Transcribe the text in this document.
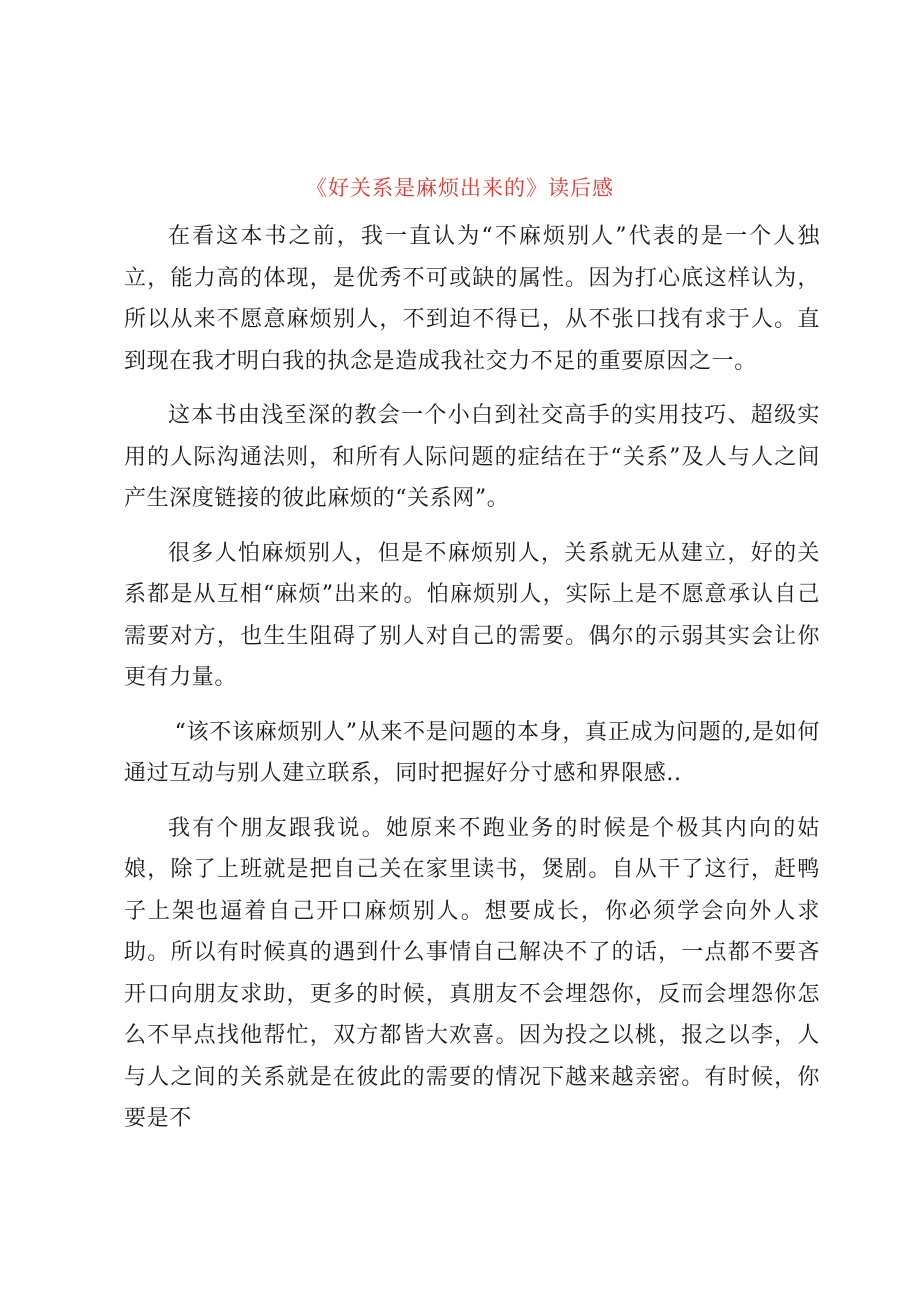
《好关系是麻烦出来的》读后感

在看这本书之前，我一直认为“不麻烦别人”代表的是一个人独立，能力高的体现，是优秀不可或缺的属性。因为打心底这样认为，所以从来不愿意麻烦别人，不到迫不得已，从不张口找有求于人。直到现在我才明白我的执念是造成我社交力不足的重要原因之一。

这本书由浅至深的教会一个小白到社交高手的实用技巧、超级实用的人际沟通法则，和所有人际问题的症结在于“关系”及人与人之间产生深度链接的彼此麻烦的“关系网”。

很多人怕麻烦别人，但是不麻烦别人，关系就无从建立，好的关系都是从互相“麻烦”出来的。怕麻烦别人，实际上是不愿意承认自己需要对方，也生生阻碍了别人对自己的需要。偶尔的示弱其实会让你更有力量。

“该不该麻烦别人”从来不是问题的本身，真正成为问题的,是如何通过互动与别人建立联系，同时把握好分寸感和界限感..

我有个朋友跟我说。她原来不跑业务的时候是个极其内向的姑娘，除了上班就是把自己关在家里读书，煲剧。自从干了这行，赶鸭子上架也逼着自己开口麻烦别人。想要成长，你必须学会向外人求助。所以有时候真的遇到什么事情自己解决不了的话，一点都不要吝开口向朋友求助，更多的时候，真朋友不会埋怨你，反而会埋怨你怎么不早点找他帮忙，双方都皆大欢喜。因为投之以桃，报之以李，人与人之间的关系就是在彼此的需要的情况下越来越亲密。有时候，你要是不
